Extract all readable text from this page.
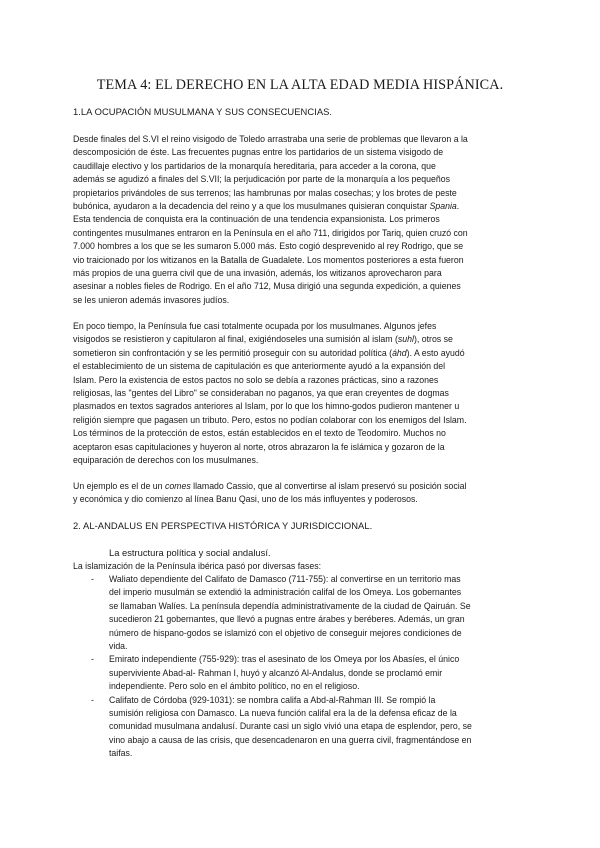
TEMA 4: EL DERECHO EN LA ALTA EDAD MEDIA HISPÁNICA.
1.LA OCUPACIÓN MUSULMANA Y SUS CONSECUENCIAS.
Desde finales del S.VI el reino visigodo de Toledo arrastraba una serie de problemas que llevaron a la
descomposición de éste. Las frecuentes pugnas entre los partidarios de un sistema visigodo de
caudillaje electivo y los partidarios de la monarquía hereditaria, para acceder a la corona, que
además se agudizó a finales del S.VII; la perjudicación por parte de la monarquía a los pequeños
propietarios privándoles de sus terrenos; las hambrunas por malas cosechas; y los brotes de peste
bubónica, ayudaron a la decadencia del reino y a que los musulmanes quisieran conquistar Spania.
Esta tendencia de conquista era la continuación de una tendencia expansionista. Los primeros
contingentes musulmanes entraron en la Península en el año 711, dirigidos por Tariq, quien cruzó con
7.000 hombres a los que se les sumaron 5.000 más. Esto cogió desprevenido al rey Rodrigo, que se
vio traicionado por los witizanos en la Batalla de Guadalete. Los momentos posteriores a esta fueron
más propios de una guerra civil que de una invasión, además, los witizanos aprovecharon para
asesinar a nobles fieles de Rodrigo. En el año 712, Musa dirigió una segunda expedición, a quienes
se les unieron además invasores judíos.
En poco tiempo, la Península fue casi totalmente ocupada por los musulmanes. Algunos jefes
visigodos se resistieron y capitularon al final, exigiéndoseles una sumisión al islam (suhl), otros se
sometieron sin confrontación y se les permitió proseguir con su autoridad política (áhd). A esto ayudó
el establecimiento de un sistema de capitulación es que anteriormente ayudó a la expansión del
Islam. Pero la existencia de estos pactos no solo se debía a razones prácticas, sino a razones
religiosas, las "gentes del Libro" se consideraban no paganos, ya que eran creyentes de dogmas
plasmados en textos sagrados anteriores al Islam, por lo que los himno-godos pudieron mantener u
religión siempre que pagasen un tributo. Pero, estos no podían colaborar con los enemigos del Islam.
Los términos de la protección de estos, están establecidos en el texto de Teodomiro. Muchos no
aceptaron esas capitulaciones y huyeron al norte, otros abrazaron la fe islámica y gozaron de la
equiparación de derechos con los musulmanes.
Un ejemplo es el de un comes llamado Cassio, que al convertirse al islam preservó su posición social
y económica y dio comienzo al línea Banu Qasi, uno de los más influyentes y poderosos.
2. AL-ANDALUS EN PERSPECTIVA HISTÓRICA Y JURISDICCIONAL.
La estructura política y social andalusí.
La islamización de la Península ibérica pasó por diversas fases:
- Waliato dependiente del Califato de Damasco (711-755): al convertirse en un territorio mas
del imperio musulmán se extendió la administración califal de los Omeya. Los gobernantes
se llamaban Walíes. La península dependía administrativamente de la ciudad de Qairuán. Se
sucedieron 21 gobernantes, que llevó a pugnas entre árabes y beréberes. Además, un gran
número de hispano-godos se islamizó con el objetivo de conseguir mejores condiciones de
vida.
- Emirato independiente (755-929): tras el asesinato de los Omeya por los Abasíes, el único
superviviente Abad-al- Rahman I, huyó y alcanzó Al-Andalus, donde se proclamó emir
independiente. Pero solo en el ámbito político, no en el religioso.
- Califato de Córdoba (929-1031): se nombra califa a Abd-al-Rahman III. Se rompió la
sumisión religiosa con Damasco. La nueva función califal era la de la defensa eficaz de la
comunidad musulmana andalusí. Durante casi un siglo vivió una etapa de esplendor, pero, se
vino abajo a causa de las crisis, que desencadenaron en una guerra civil, fragmentándose en
taifas.
